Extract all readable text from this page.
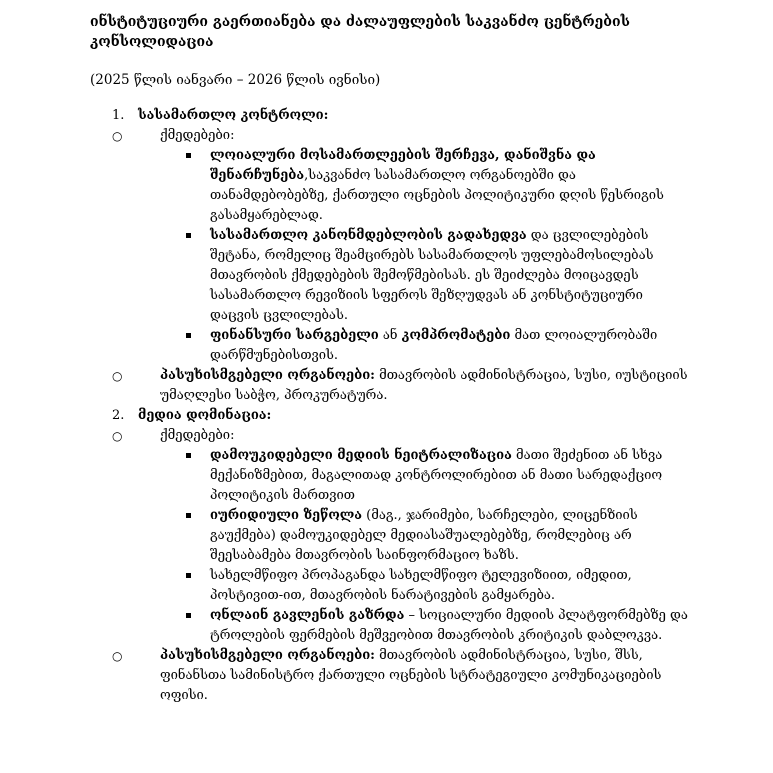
ინსტიტუციური გაერთიანება და ძალაუფლების საკვანძო ცენტრების კონსოლიდაცია

(2025 წლის იანვარი – 2026 წლის ივნისი)
1. სასამართლო კონტროლი:
○	ქმედებები:
ლოიალური მოსამართლეების შერჩევა, დანიშვნა და შენარჩუნება,საკვანძო სასამართლო ორგანოებში და თანამდებობებზე, ქართული ოცნების პოლიტიკური დღის წესრიგის გასამყარებლად.
სასამართლო კანონმდებლობის გადახედვა და ცვლილებების შეტანა, რომელიც შეამცირებს სასამართლოს უფლებამოსილებას მთავრობის ქმედებების შემოწმებისას. ეს შეიძლება მოიცავდეს სასამართლო რევიზიის სფეროს შეზღუდვას ან კონსტიტუციური დაცვის ცვლილებას.
ფინანსური სარგებელი ან კომპრომატები მათ ლოიალურობაში დარწმუნებისთვის.
○	პასუხისმგებელი ორგანოები: მთავრობის ადმინისტრაცია, სუსი, იუსტიციის უმაღლესი საბჭო, პროკურატურა.
2. მედია დომინაცია:
○	ქმედებები:
დამოუკიდებელი მედიის ნეიტრალიზაცია მათი შეძენით ან სხვა მექანიზმებით, მაგალითად კონტროლირებით ან მათი სარედაქციო პოლიტიკის მართვით
იურიდიული ზეწოლა (მაგ., ჯარიმები, სარჩელები, ლიცენზიის გაუქმება) დამოუკიდებელ მედიასაშუალებებზე, რომლებიც არ შეესაბამება მთავრობის საინფორმაციო ხაზს.
სახელმწიფო პროპაგანდა სახელმწიფო ტელევიზიით, იმედით, პოსტივით-ით, მთავრობის ნარატივების გამყარება.
ონლაინ გავლენის გაზრდა – სოციალური მედიის პლატფორმებზე და ტროლების ფერმების მეშვეობით მთავრობის კრიტიკის დაბლოკვა.
○	პასუხისმგებელი ორგანოები: მთავრობის ადმინისტრაცია, სუსი, შსს, ფინანსთა სამინისტრო ქართული ოცნების სტრატეგიული კომუნიკაციების ოფისი.
